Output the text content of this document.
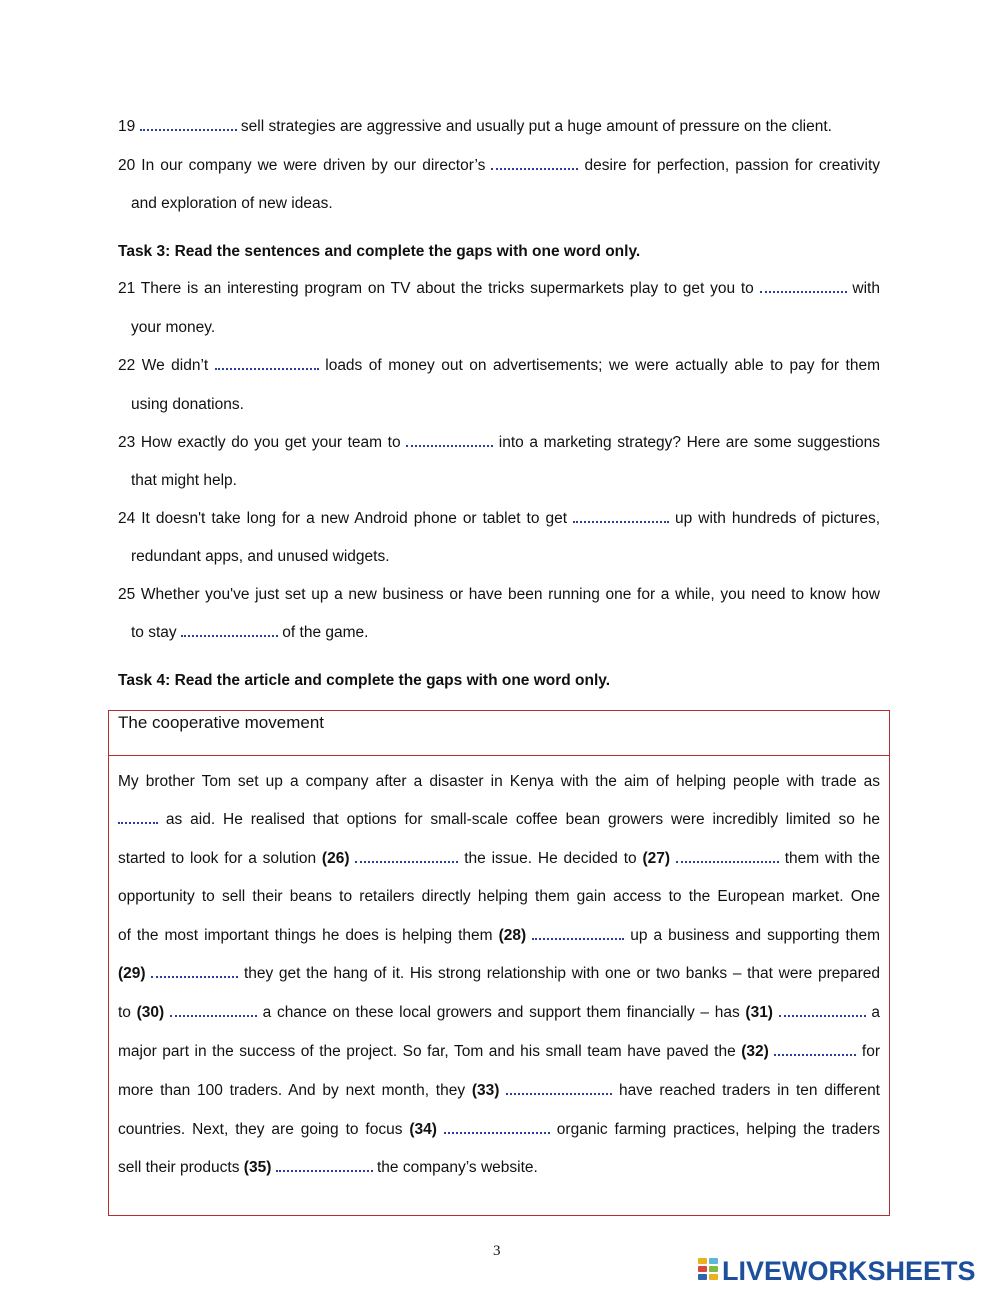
19	sell strategies are aggressive and usually put a huge amount of pressure on the client.
20 In our company we were driven by our director’s	desire for perfection, passion for creativity
and exploration of new ideas.
Task 3: Read the sentences and complete the gaps with one word only.
21 There is an interesting program on TV about the tricks supermarkets play to get you to	with
your money.
22 We didn’t	loads of money out on advertisements; we were actually able to pay for them
using donations.
23 How exactly do you get your team to	into a marketing strategy? Here are some suggestions
that might help.
24 It doesn't take long for a new Android phone or tablet to get	up with hundreds of pictures,
redundant apps, and unused widgets.
25 Whether you've just set up a new business or have been running one for a while, you need to know how
to stay	of the game.
Task 4: Read the article and complete the gaps with one word only.
The cooperative movement
My brother Tom set up a company after a disaster in Kenya with the aim of helping people with trade as
as aid. He realised that options for small-scale coffee bean growers were incredibly limited so he
started to look for a solution (26)	the issue. He decided to (27)	them with the
opportunity to sell their beans to retailers directly helping them gain access to the European market. One
of the most important things he does is helping them (28)	up a business and supporting them
(29)	they get the hang of it. His strong relationship with one or two banks – that were prepared
to (30)	a chance on these local growers and support them financially – has (31)	a
major part in the success of the project. So far, Tom and his small team have paved the (32)	for
more than 100 traders. And by next month, they (33)	have reached traders in ten different
countries. Next, they are going to focus (34)	organic farming practices, helping the traders
sell their products (35)	the company’s website.
3
LIVEWORKSHEETS
